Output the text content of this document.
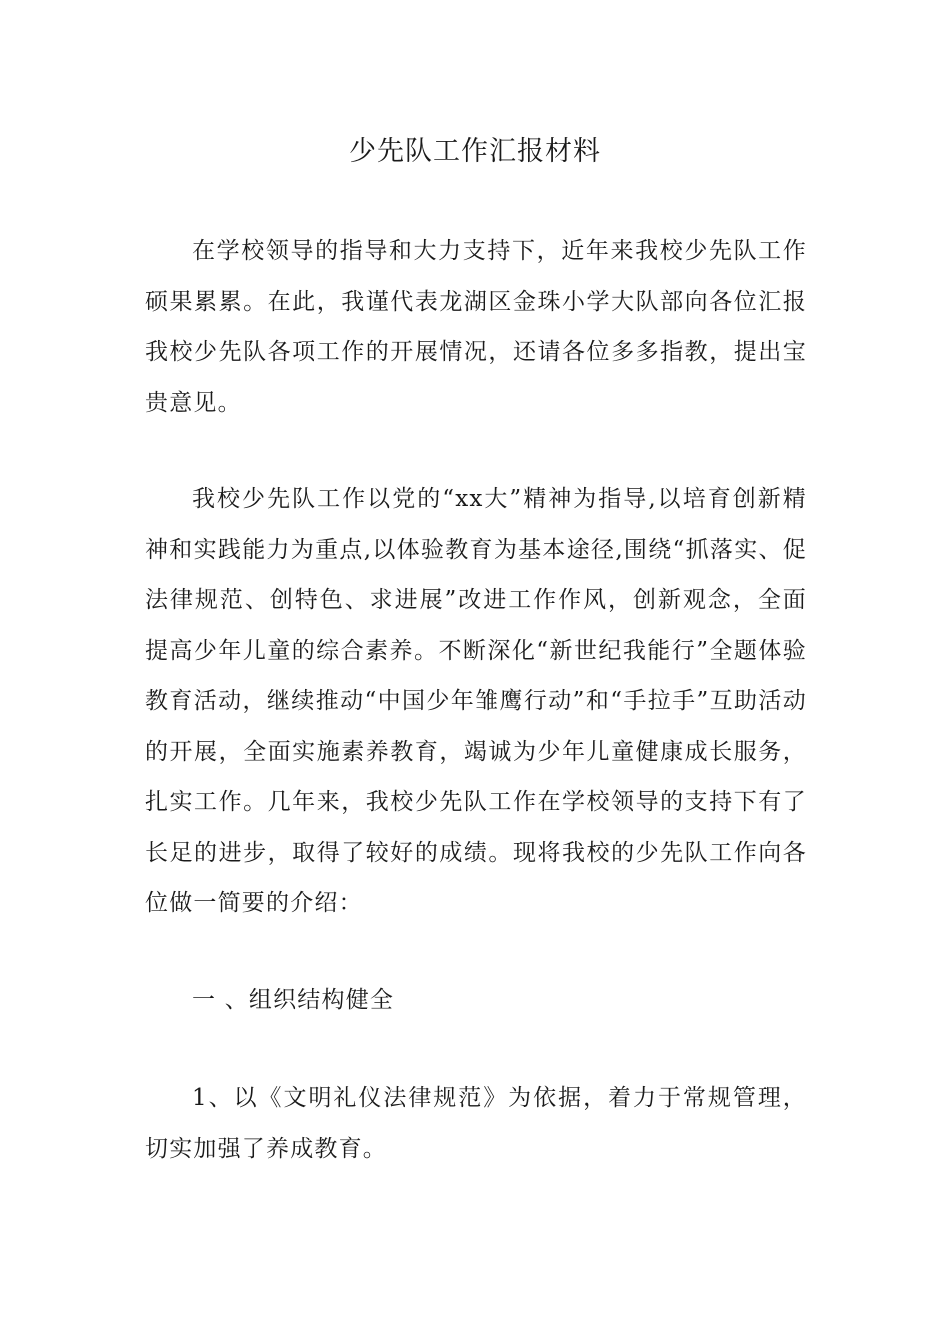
少先队工作汇报材料

在学校领导的指导和大力支持下，近年来我校少先队工作硕果累累。在此，我谨代表龙湖区金珠小学大队部向各位汇报我校少先队各项工作的开展情况，还请各位多多指教，提出宝贵意见。

我校少先队工作以党的“xx大”精神为指导,以培育创新精神和实践能力为重点,以体验教育为基本途径,围绕“抓落实、促法律规范、创特色、求进展”改进工作作风，创新观念，全面提高少年儿童的综合素养。不断深化“新世纪我能行”全题体验教育活动，继续推动“中国少年雏鹰行动”和“手拉手”互助活动的开展，全面实施素养教育，竭诚为少年儿童健康成长服务，扎实工作。几年来，我校少先队工作在学校领导的支持下有了长足的进步，取得了较好的成绩。现将我校的少先队工作向各位做一简要的介绍：

一 、组织结构健全

1、以《文明礼仪法律规范》为依据，着力于常规管理，切实加强了养成教育。
